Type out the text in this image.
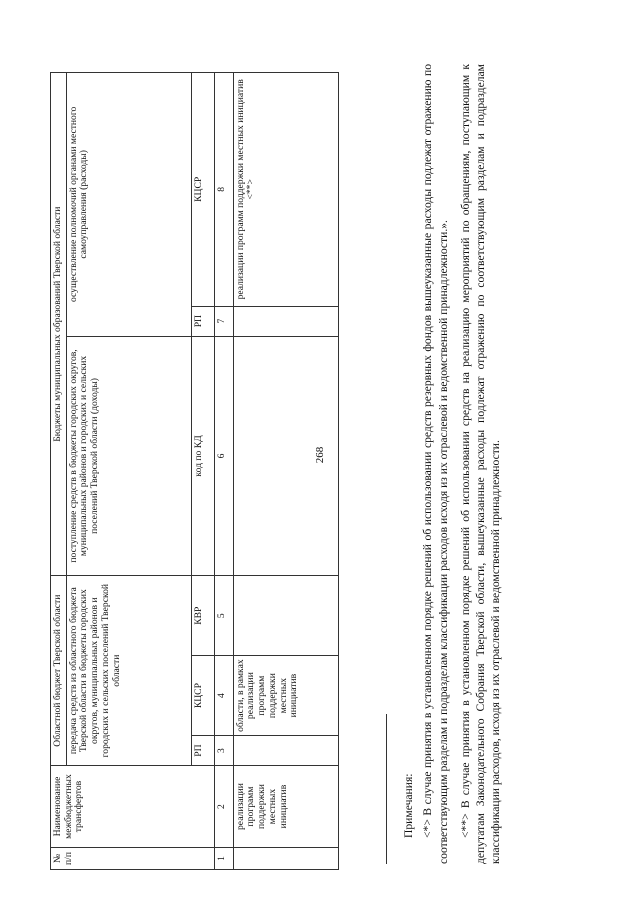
268
№ п/п	Наименование межбюджетных трансфертов	Областной бюджет Тверской области			Бюджеты муниципальных образований Тверской области		
		передача средств из областного бюджета Тверской области в бюджеты городских округов, муниципальных районов и городских и сельских поселений Тверской области			поступление средств в бюджеты городских округов, муниципальных районов и городских и сельских поселений Тверской области (доходы)	осуществление полномочий органами местного самоуправления (расходы)	
		РП	КЦСР	КВР	код по КД	РП	КЦСР
1	2	3	4	5	6	7	8
	реализации программ поддержки местных инициатив		области, в рамках реализации программ поддержки местных инициатив				реализации программ поддержки местных инициатив <**>

Примечания: <*> В случае принятия в установленном порядке решений об использовании средств резервных фондов вышеуказанные расходы подлежат отражению по соответствующим разделам и подразделам классификации расходов исходя из их отраслевой и ведомственной принадлежности.». <**> В случае принятия в установленном порядке решений об использовании средств на реализацию мероприятий по обращениям, поступающим к депутатам Законодательного Собрания Тверской области, вышеуказанные расходы подлежат отражению по соответствующим разделам и подразделам классификации расходов, исходя из их отраслевой и ведомственной принадлежности.
